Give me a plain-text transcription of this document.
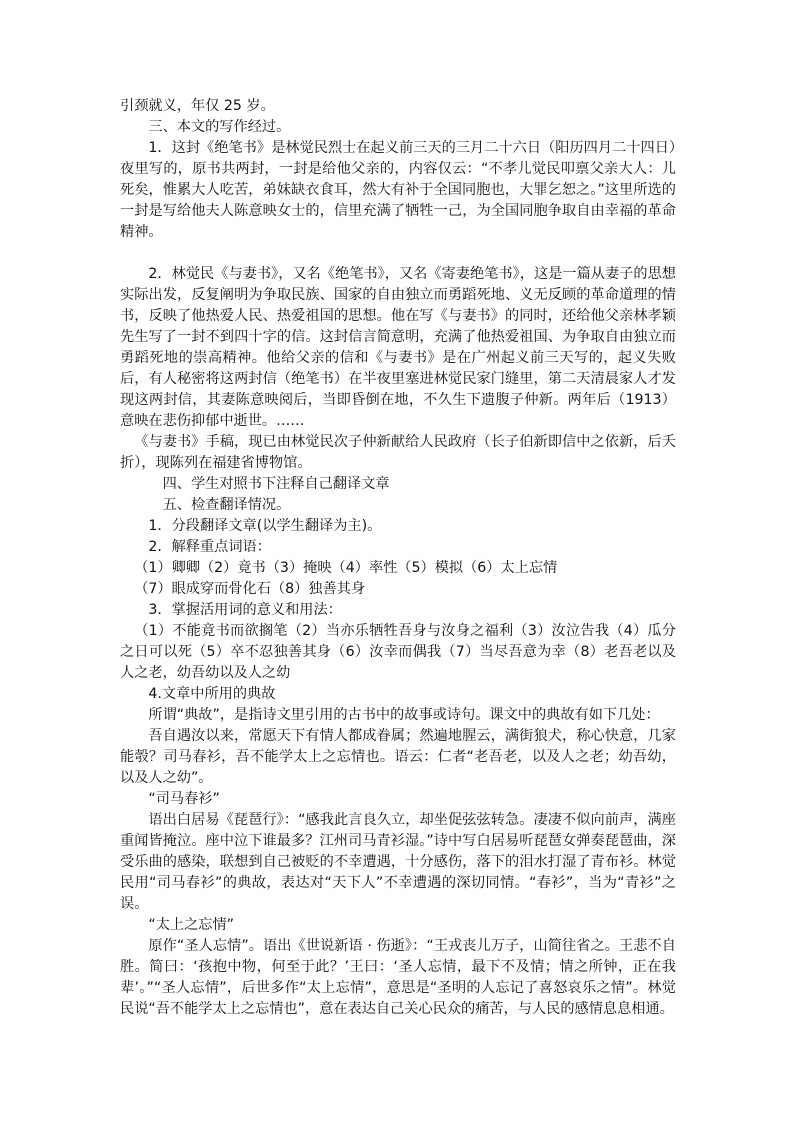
引颈就义，年仅 25 岁。

三、本文的写作经过。

1．这封《绝笔书》是林觉民烈士在起义前三天的三月二十六日（阳历四月二十四日）夜里写的，原书共两封，一封是给他父亲的，内容仅云：“不孝儿觉民叩禀父亲大人：儿死矣，惟累大人吃苦，弟妹缺衣食耳，然大有补于全国同胞也，大罪乞恕之。”这里所选的一封是写给他夫人陈意映女士的，信里充满了牺牲一己，为全国同胞争取自由幸福的革命精神。

2．林觉民《与妻书》，又名《绝笔书》，又名《寄妻绝笔书》，这是一篇从妻子的思想实际出发，反复阐明为争取民族、国家的自由独立而勇蹈死地、义无反顾的革命道理的情书，反映了他热爱人民、热爱祖国的思想。他在写《与妻书》的同时，还给他父亲林孝颖先生写了一封不到四十字的信。这封信言简意明，充满了他热爱祖国、为争取自由独立而勇蹈死地的崇高精神。他给父亲的信和《与妻书》是在广州起义前三天写的，起义失败后，有人秘密将这两封信（绝笔书）在半夜里塞进林觉民家门缝里，第二天清晨家人才发现这两封信，其妻陈意映阅后，当即昏倒在地，不久生下遗腹子仲新。两年后（1913）意映在悲伤抑郁中逝世。……

《与妻书》手稿，现已由林觉民次子仲新献给人民政府（长子伯新即信中之依新，后夭折），现陈列在福建省博物馆。

四、学生对照书下注释自己翻译文章

五、检查翻译情况。

1．分段翻译文章(以学生翻译为主)。

2．解释重点词语：

（1）卿卿（2）竟书（3）掩映（4）率性（5）模拟（6）太上忘情

（7）眼成穿而骨化石（8）独善其身

3．掌握活用词的意义和用法：

（1）不能竟书而欲搁笔（2）当亦乐牺牲吾身与汝身之福利（3）汝泣告我（4）瓜分之日可以死（5）卒不忍独善其身（6）汝幸而偶我（7）当尽吾意为幸（8）老吾老以及人之老，幼吾幼以及人之幼

4.文章中所用的典故

所谓“典故”，是指诗文里引用的古书中的故事或诗句。课文中的典故有如下几处：

吾自遇汝以来，常愿天下有情人都成眷属；然遍地腥云，满街狼犬，称心快意，几家能彀？司马春衫，吾不能学太上之忘情也。语云：仁者“老吾老，以及人之老；幼吾幼，以及人之幼”。

“司马春衫”

语出白居易《琵琶行》：“感我此言良久立，却坐促弦弦转急。凄凄不似向前声，满座重闻皆掩泣。座中泣下谁最多？江州司马青衫湿。”诗中写白居易听琵琶女弹奏琵琶曲，深受乐曲的感染，联想到自己被贬的不幸遭遇，十分感伤，落下的泪水打湿了青布衫。林觉民用“司马春衫”的典故，表达对“天下人”不幸遭遇的深切同情。“春衫”，当为“青衫”之误。

“太上之忘情”

原作“圣人忘情”。语出《世说新语 · 伤逝》：“王戎丧儿万子，山简往省之。王悲不自胜。简曰：‘孩抱中物，何至于此？’王曰：‘圣人忘情，最下不及情；情之所钟，正在我辈’。”“圣人忘情”，后世多作“太上忘情”，意思是“圣明的人忘记了喜怒哀乐之情”。林觉民说“吾不能学太上之忘情也”，意在表达自己关心民众的痛苦，与人民的感情息息相通。
